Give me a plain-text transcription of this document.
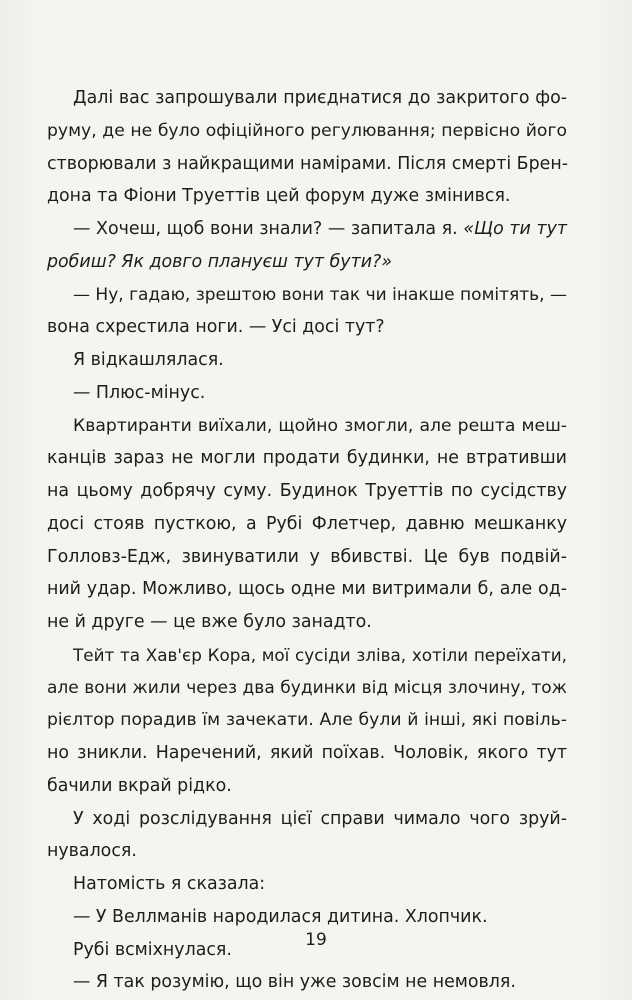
Далі вас запрошували приєднатися до закритого фо-
руму, де не було офіційного регулювання; первісно його
створювали з найкращими намірами. Після смерті Брен-
дона та Фіони Труеттів цей форум дуже змінився.
— Хочеш, щоб вони знали? — запитала я. «Що ти тут
робиш? Як довго плануєш тут бути?»
— Ну, гадаю, зрештою вони так чи інакше помітять, —
вона схрестила ноги. — Усі досі тут?
Я відкашлялася.
— Плюс-мінус.
Квартиранти виїхали, щойно змогли, але решта меш-
канців зараз не могли продати будинки, не втративши
на цьому добрячу суму. Будинок Труеттів по сусідству
досі стояв пусткою, а Рубі Флетчер, давню мешканку
Голловз-Едж, звинуватили у вбивстві. Це був подвій-
ний удар. Можливо, щось одне ми витримали б, але од-
не й друге — це вже було занадто.
Тейт та Хав'єр Кора, мої сусіди зліва, хотіли переїхати,
але вони жили через два будинки від місця злочину, тож
рієлтор порадив їм зачекати. Але були й інші, які повіль-
но зникли. Наречений, який поїхав. Чоловік, якого тут
бачили вкрай рідко.
У ході розслідування цієї справи чимало чого зруй-
нувалося.
Натомість я сказала:
— У Веллманів народилася дитина. Хлопчик.
Рубі всміхнулася.
— Я так розумію, що він уже зовсім не немовля.
19
